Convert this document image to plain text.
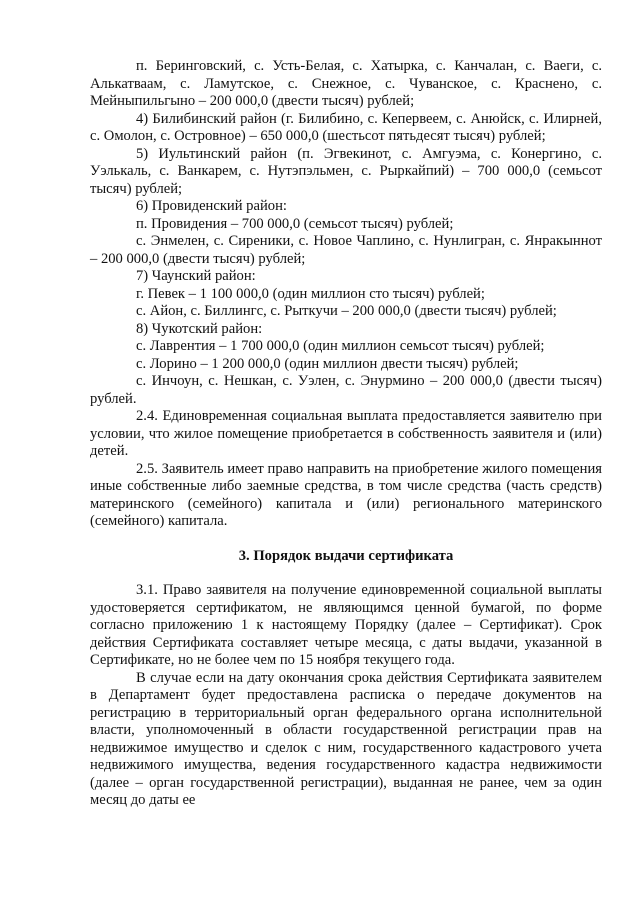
п. Беринговский, с. Усть-Белая, с. Хатырка, с. Канчалан, с. Ваеги, с. Алькатваам, с. Ламутское, с. Снежное, с. Чуванское, с. Краснено, с. Мейныпильгыно – 200 000,0 (двести тысяч) рублей;

4) Билибинский район (г. Билибино, с. Кепервеем, с. Анюйск, с. Илирней, с. Омолон, с. Островное) – 650 000,0 (шестьсот пятьдесят тысяч) рублей;

5) Иультинский район (п. Эгвекинот, с. Амгуэма, с. Конергино, с. Уэлькаль, с. Ванкарем, с. Нутэпэльмен, с. Рыркайпий) – 700 000,0 (семьсот тысяч) рублей;

6) Провиденский район:

п. Провидения – 700 000,0 (семьсот тысяч) рублей;

с. Энмелен, с. Сиреники, с. Новое Чаплино, с. Нунлигран, с. Янракыннот – 200 000,0 (двести тысяч) рублей;

7) Чаунский район:

г. Певек – 1 100 000,0 (один миллион сто тысяч) рублей;

с. Айон, с. Биллингс, с. Рыткучи – 200 000,0 (двести тысяч) рублей;

8) Чукотский район:

с. Лаврентия – 1 700 000,0 (один миллион семьсот тысяч) рублей;

с. Лорино – 1 200 000,0 (один миллион двести тысяч) рублей;

с. Инчоун, с. Нешкан, с. Уэлен, с. Энурмино – 200 000,0 (двести тысяч) рублей.

2.4. Единовременная социальная выплата предоставляется заявителю при условии, что жилое помещение приобретается в собственность заявителя и (или) детей.

2.5. Заявитель имеет право направить на приобретение жилого помещения иные собственные либо заемные средства, в том числе средства (часть средств) материнского (семейного) капитала и (или) регионального материнского (семейного) капитала.

3. Порядок выдачи сертификата

3.1. Право заявителя на получение единовременной социальной выплаты удостоверяется сертификатом, не являющимся ценной бумагой, по форме согласно приложению 1 к настоящему Порядку (далее – Сертификат). Срок действия Сертификата составляет четыре месяца, с даты выдачи, указанной в Сертификате, но не более чем по 15 ноября текущего года.

В случае если на дату окончания срока действия Сертификата заявителем в Департамент будет предоставлена расписка о передаче документов на регистрацию в территориальный орган федерального органа исполнительной власти, уполномоченный в области государственной регистрации прав на недвижимое имущество и сделок с ним, государственного кадастрового учета недвижимого имущества, ведения государственного кадастра недвижимости (далее – орган государственной регистрации), выданная не ранее, чем за один месяц до даты ее
